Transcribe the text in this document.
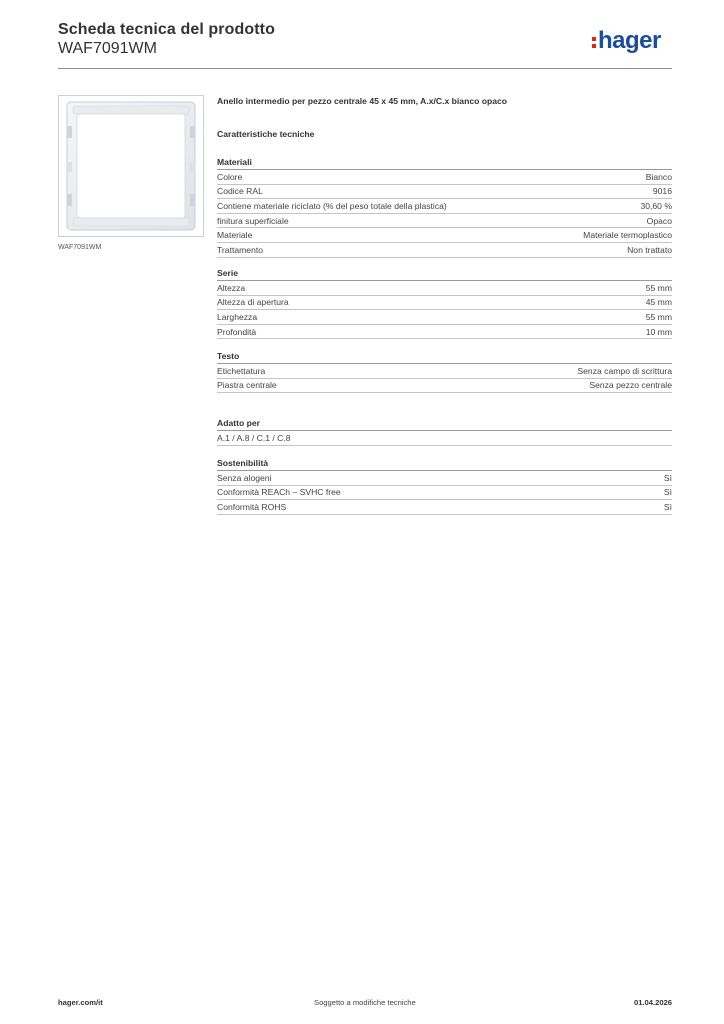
Scheda tecnica del prodotto
WAF7091WM	hager
WAF7091WM
Anello intermedio per pezzo centrale 45 x 45 mm, A.x/C.x bianco opaco
Caratteristiche tecniche
Materiali
Colore	Bianco
Codice RAL	9016
Contiene materiale riciclato (% del peso totale della plastica)	30,60 %
finitura superficiale	Opaco
Materiale	Materiale termoplastico
Trattamento	Non trattato
Serie
Altezza	55 mm
Altezza di apertura	45 mm
Larghezza	55 mm
Profondità	10 mm
Testo
Etichettatura	Senza campo di scrittura
Piastra centrale	Senza pezzo centrale
Adatto per
A.1 / A.8 / C.1 / C.8
Sostenibilità
Senza alogeni	Sì
Conformità REACh – SVHC free	Sì
Conformità ROHS	Sì
hager.com/it	Soggetto a modifiche tecniche	01.04.2026
